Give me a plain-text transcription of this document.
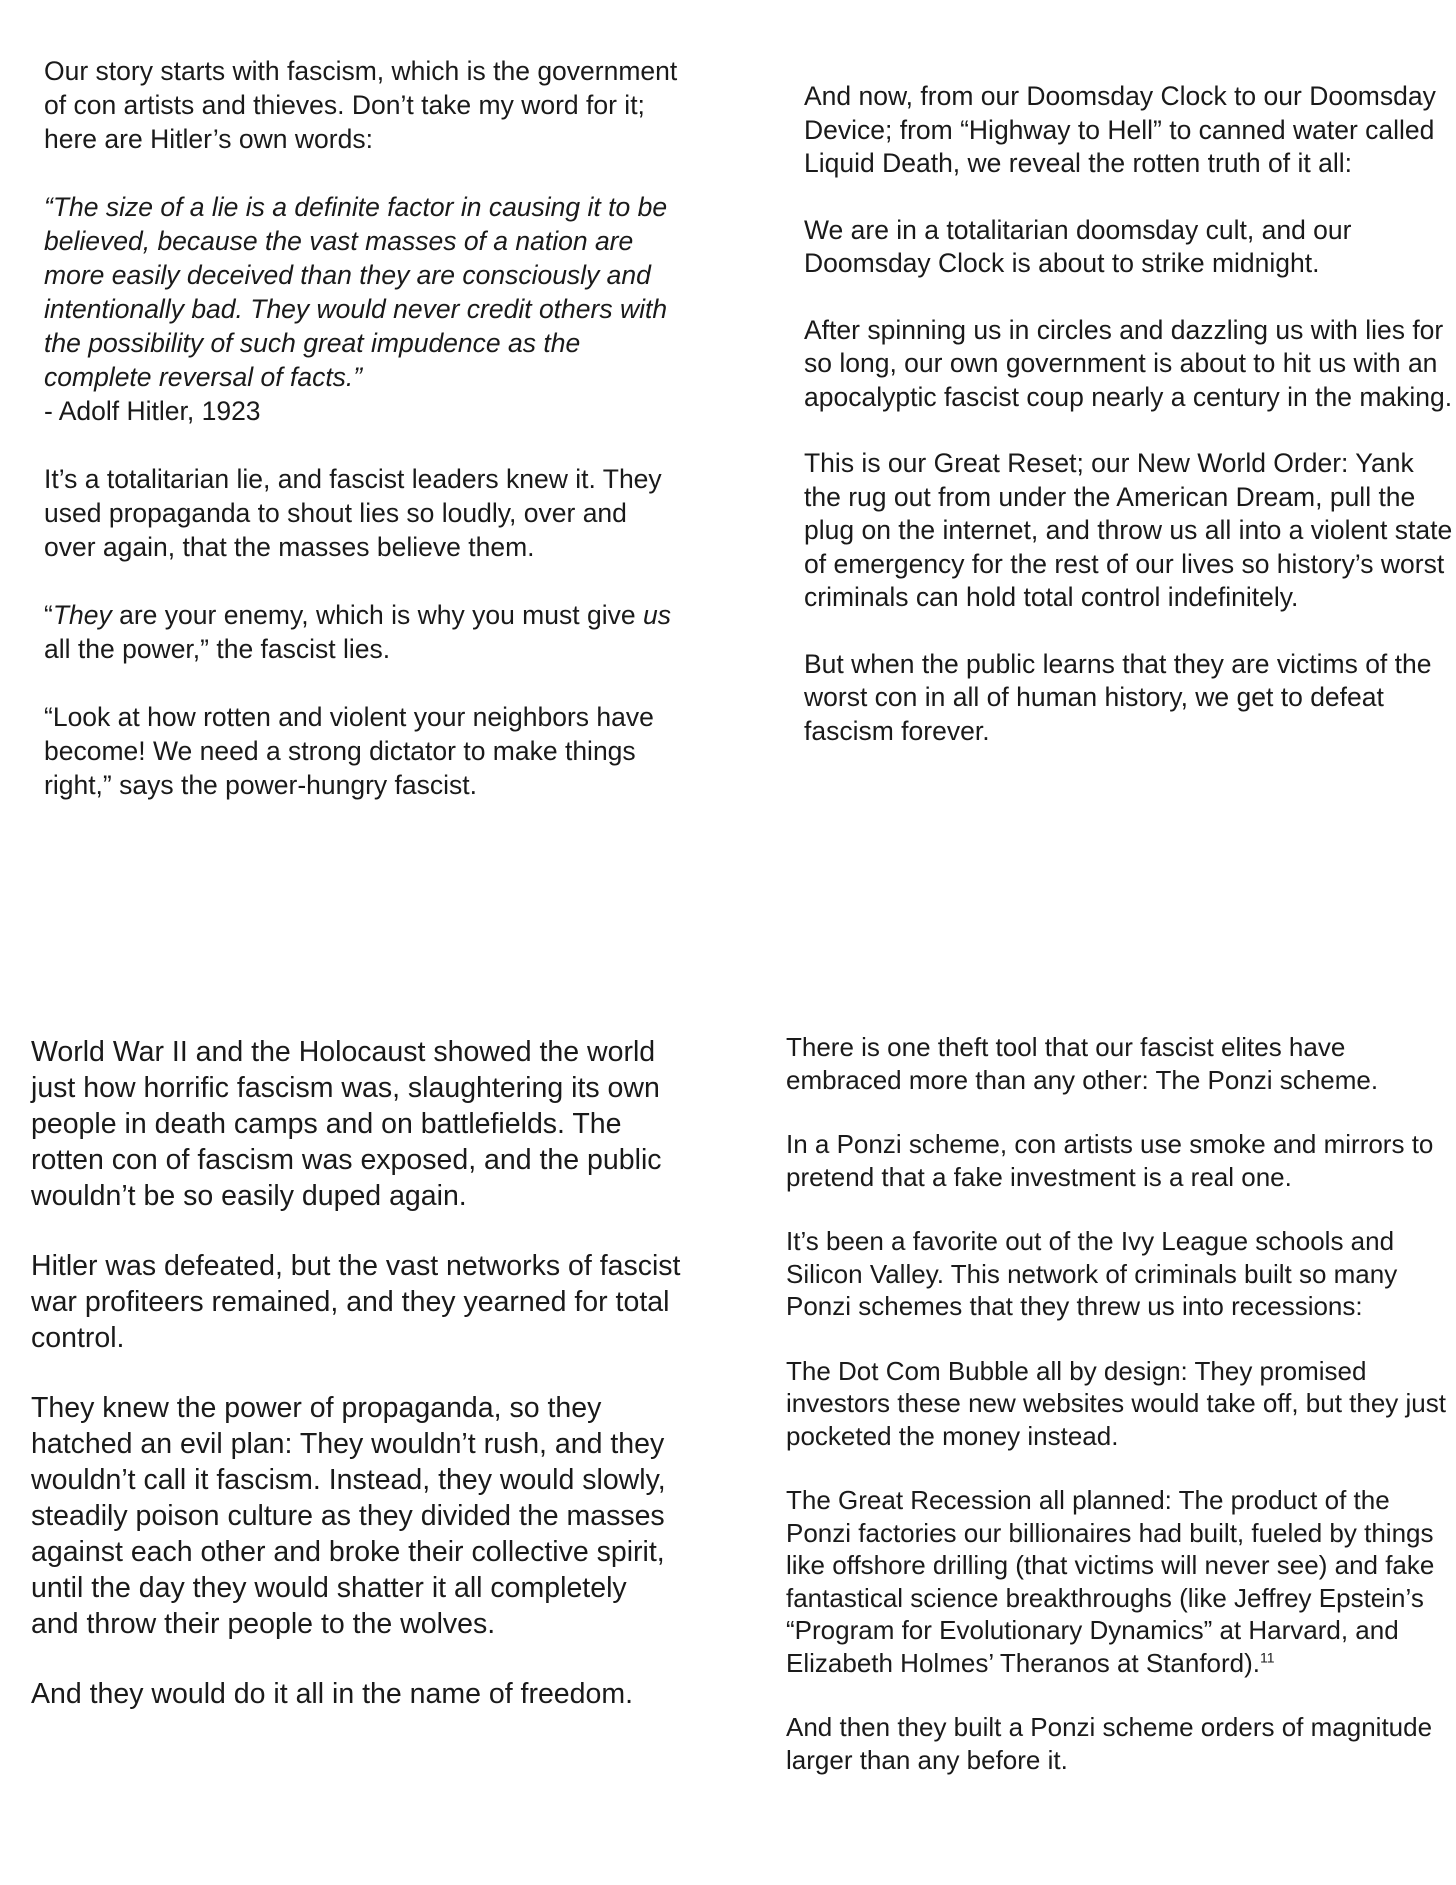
Our story starts with fascism, which is the government of con artists and thieves. Don’t take my word for it; here are Hitler’s own words:

“The size of a lie is a definite factor in causing it to be believed, because the vast masses of a nation are more easily deceived than they are consciously and intentionally bad. They would never credit others with the possibility of such great impudence as the complete reversal of facts.”
- Adolf Hitler, 1923

It’s a totalitarian lie, and fascist leaders knew it. They used propaganda to shout lies so loudly, over and over again, that the masses believe them.

“They are your enemy, which is why you must give us all the power,” the fascist lies.

“Look at how rotten and violent your neighbors have become! We need a strong dictator to make things right,” says the power-hungry fascist.

And now, from our Doomsday Clock to our Doomsday Device; from “Highway to Hell” to canned water called Liquid Death, we reveal the rotten truth of it all:

We are in a totalitarian doomsday cult, and our Doomsday Clock is about to strike midnight.

After spinning us in circles and dazzling us with lies for so long, our own government is about to hit us with an apocalyptic fascist coup nearly a century in the making.

This is our Great Reset; our New World Order: Yank the rug out from under the American Dream, pull the plug on the internet, and throw us all into a violent state of emergency for the rest of our lives so history’s worst criminals can hold total control indefinitely.

But when the public learns that they are victims of the worst con in all of human history, we get to defeat fascism forever.

World War II and the Holocaust showed the world just how horrific fascism was, slaughtering its own people in death camps and on battlefields. The rotten con of fascism was exposed, and the public wouldn’t be so easily duped again.

Hitler was defeated, but the vast networks of fascist war profiteers remained, and they yearned for total control.

They knew the power of propaganda, so they hatched an evil plan: They wouldn’t rush, and they wouldn’t call it fascism. Instead, they would slowly, steadily poison culture as they divided the masses against each other and broke their collective spirit, until the day they would shatter it all completely and throw their people to the wolves.

And they would do it all in the name of freedom.

There is one theft tool that our fascist elites have embraced more than any other: The Ponzi scheme.

In a Ponzi scheme, con artists use smoke and mirrors to pretend that a fake investment is a real one.

It’s been a favorite out of the Ivy League schools and Silicon Valley. This network of criminals built so many Ponzi schemes that they threw us into recessions:

The Dot Com Bubble all by design: They promised investors these new websites would take off, but they just pocketed the money instead.

The Great Recession all planned: The product of the Ponzi factories our billionaires had built, fueled by things like offshore drilling (that victims will never see) and fake fantastical science breakthroughs (like Jeffrey Epstein’s “Program for Evolutionary Dynamics” at Harvard, and Elizabeth Holmes’ Theranos at Stanford).$^{11}$

And then they built a Ponzi scheme orders of magnitude larger than any before it.
